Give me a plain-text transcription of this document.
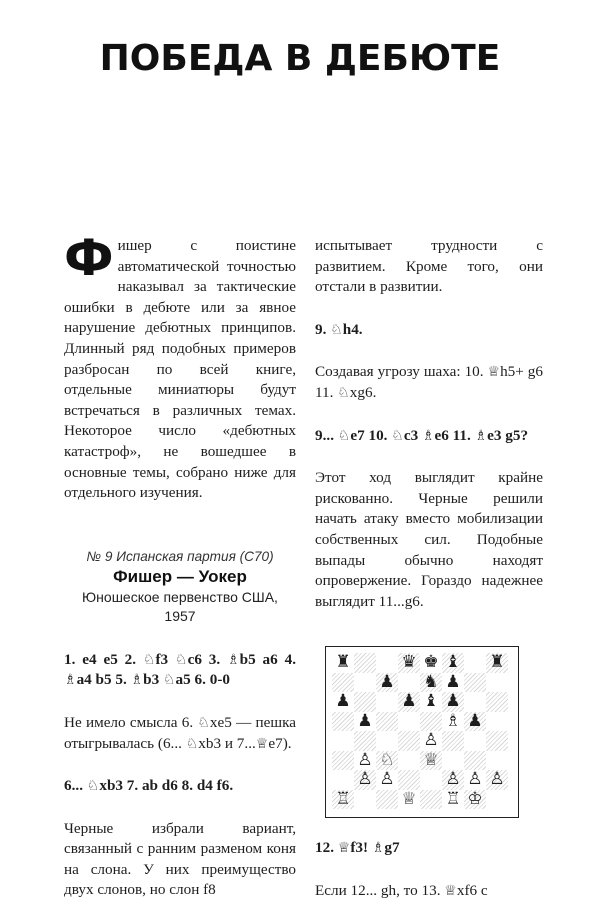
ПОБЕДА В ДЕБЮТЕ

Фишер с поистине автоматической точностью наказывал за тактические ошибки в дебюте или за явное нарушение дебютных принципов. Длинный ряд подобных примеров разбросан по всей книге, отдельные миниатюры будут встречаться в различных темах. Некоторое число «дебютных катастроф», не вошедшее в основные темы, собрано ниже для отдельного изучения.

№ 9 Испанская партия (С70)
Фишер — Уокер
Юношеское первенство США,
1957

1. e4 e5 2. ♘f3 ♘c6 3. ♗b5 a6 4. ♗a4 b5 5. ♗b3 ♘a5 6. 0-0

Не имело смысла 6. ♘xe5 — пешка отыгрывалась (6... ♘xb3 и 7...♕e7).

6... ♘xb3 7. ab d6 8. d4 f6.

Черные избрали вариант, связанный с ранним разменом коня на слона. У них преимущество двух слонов, но слон f8

испытывает трудности с развитием. Кроме того, они отстали в развитии.

9. ♘h4.

Создавая угрозу шаха: 10. ♕h5+ g6 11. ♘xg6.

9... ♘e7 10. ♘c3 ♗e6 11. ♗e3 g5?

Этот ход выглядит крайне рискованно. Черные решили начать атаку вместо мобилизации собственных сил. Подобные выпады обычно находят опровержение. Гораздо надежнее выглядит 11...g6.

♜	♛ ♚ ♝ ♜
♟ ♞ ♟
♟	♟ ♝ ♟
♟	♗ ♟
♙
♙ ♘ ♕
♙ ♙	♙ ♙ ♙
♖	♕ ♖ ♔

12. ♕f3! ♗g7

Если 12... gh, то 13. ♕xf6 с
